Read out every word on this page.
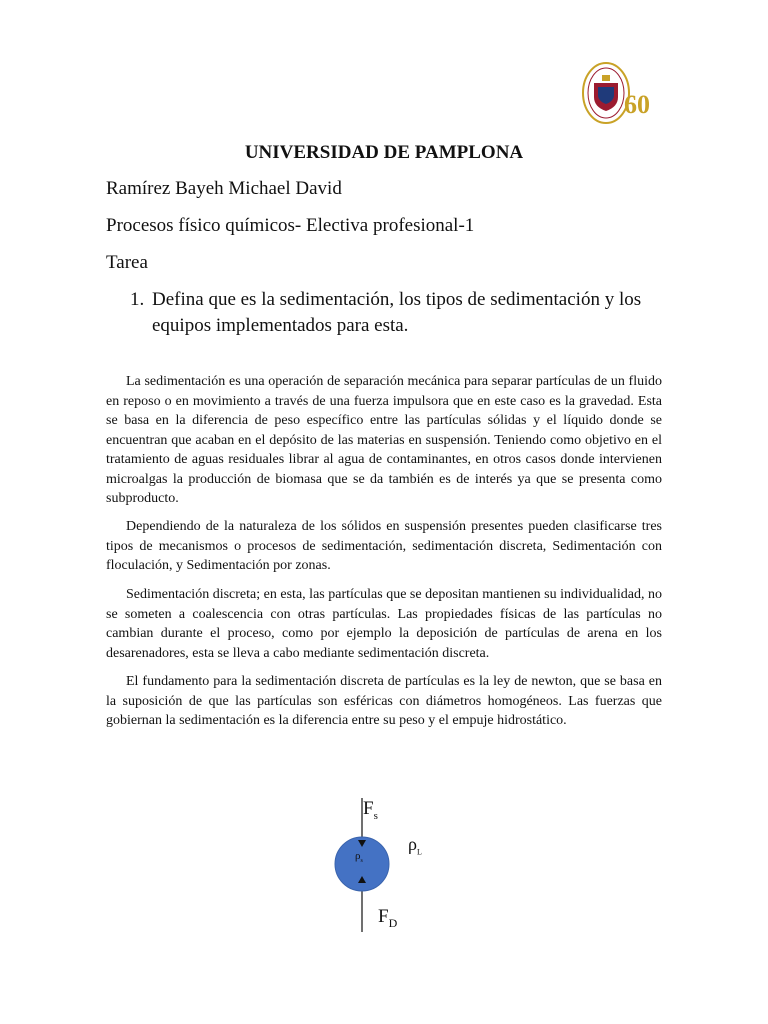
60
UNIVERSIDAD DE PAMPLONA
Ramírez Bayeh Michael David
Procesos físico químicos- Electiva profesional-1
Tarea
1. Defina que es la sedimentación, los tipos de sedimentación y los equipos implementados para esta.

La sedimentación es una operación de separación mecánica para separar partículas de un fluido en reposo o en movimiento a través de una fuerza impulsora que en este caso es la gravedad. Esta se basa en la diferencia de peso específico entre las partículas sólidas y el líquido donde se encuentran que acaban en el depósito de las materias en suspensión. Teniendo como objetivo en el tratamiento de aguas residuales librar al agua de contaminantes, en otros casos donde intervienen microalgas la producción de biomasa que se da también es de interés ya que se presenta como subproducto.

Dependiendo de la naturaleza de los sólidos en suspensión presentes pueden clasificarse tres tipos de mecanismos o procesos de sedimentación, sedimentación discreta, Sedimentación con floculación, y Sedimentación por zonas.

Sedimentación discreta; en esta, las partículas que se depositan mantienen su individualidad, no se someten a coalescencia con otras partículas. Las propiedades físicas de las partículas no cambian durante el proceso, como por ejemplo la deposición de partículas de arena en los desarenadores, esta se lleva a cabo mediante sedimentación discreta.

El fundamento para la sedimentación discreta de partículas es la ley de newton, que se basa en la suposición de que las partículas son esféricas con diámetros homogéneos. Las fuerzas que gobiernan la sedimentación es la diferencia entre su peso y el empuje hidrostático.

$F_s$
$\rho_s$
$\rho_L$
$F_D$
